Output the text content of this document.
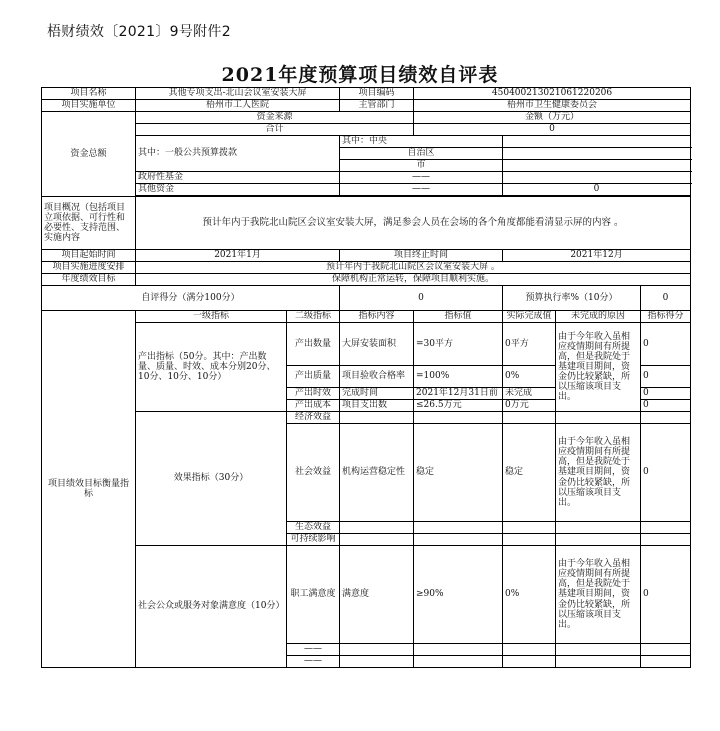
梧财绩效〔2021〕9号附件2
2021年度预算项目绩效自评表
项目名称	其他专项支出-北山会议室安装大屏		项目编码	450400213021061220206			
项目实施单位	梧州市工人医院		主管部门	梧州市卫生健康委员会			
资金总额	资金来源			金额（万元）			
	合计			0			
	其中：一般公共预算拨款		其中：中央				
			自治区				
			市				
	政府性基金		——				
	其他资金		——		0		

项目概况（包括项目立项依据、可行性和必要性、支持范围、实施内容	预计年内于我院北山院区会议室安装大屏，满足参会人员在会场的各个角度都能看清显示屏的内容 。						
项目起始时间	2021年1月		项目终止时间		2021年12月		
项目实施进度安排	预计年内于我院北山院区会议室安装大屏 。						
年度绩效目标	保障机构正常运转，保障项目顺利实施。						
自评得分（满分100分）			0		预算执行率%（10分）		0
项目绩效目标衡量指标	一级指标	二级指标	指标内容	指标值	实际完成值	未完成的原因	指标得分
	产出指标（50分。其中：产出数量、质量、时效、成本分别20分、10分、10分、10分）	产出数量	大屏安装面积	=30平方	0平方	由于今年收入虽相应疫情期间有所提高，但是我院处于基建项目期间，资金仍比较紧缺，所以压缩该项目支出。	0
		产出质量	项目验收合格率	=100%	0%		0
		产出时效	完成时间	2021年12月31日前	未完成		0
		产出成本	项目支出数	≤26.5万元	0万元		0
	效果指标（30分）	经济效益					
		社会效益	机构运营稳定性	稳定	稳定	由于今年收入虽相应疫情期间有所提高，但是我院处于基建项目期间，资金仍比较紧缺，所以压缩该项目支出。	0
		生态效益					
		可持续影响					
	社会公众或服务对象满意度（10分）	职工满意度	满意度	≥90%	0%	由于今年收入虽相应疫情期间有所提高，但是我院处于基建项目期间，资金仍比较紧缺，所以压缩该项目支出。	0
		——					
		——					
